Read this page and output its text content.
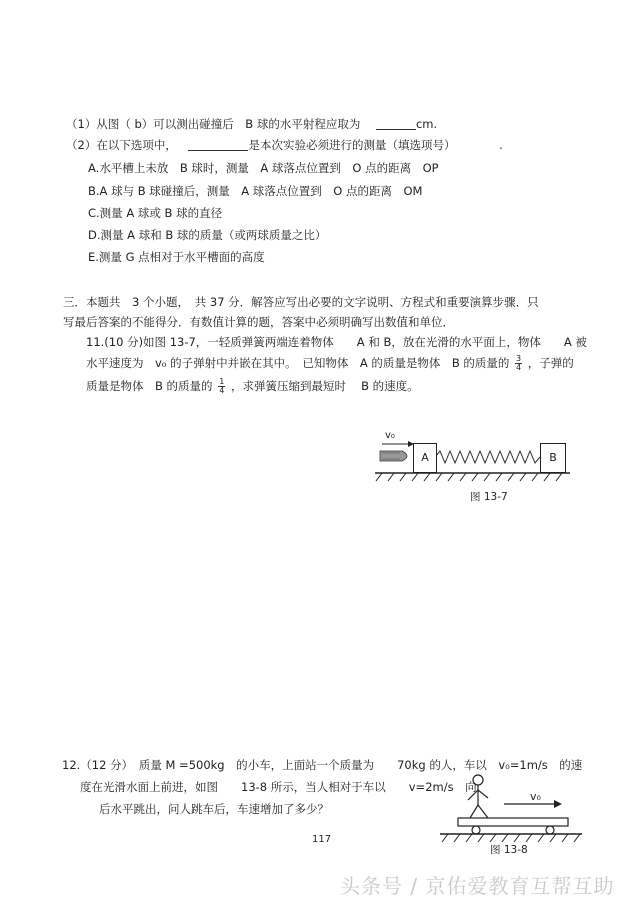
（1）从图（ b）可以测出碰撞后　B 球的水平射程应取为	cm.
（2）在以下选项中，	是本次实验必须进行的测量（填选项号）	.
A.水平槽上未放　B 球时，测量　A 球落点位置到　O 点的距离　OP
B.A 球与 B 球碰撞后，测量　A 球落点位置到　O 点的距离　OM
C.测量 A 球或 B 球的直径
D.测量 A 球和 B 球的质量（或两球质量之比）
E.测量 G 点相对于水平槽面的高度
三．本题共　3 个小题，　共 37 分．解答应写出必要的文字说明、方程式和重要演算步骤．只
写最后答案的不能得分．有数值计算的题，答案中必须明确写出数值和单位．
11.(10 分)如图 13-7，一轻质弹簧两端连着物体　　A 和 B，放在光滑的水平面上，物体　　A 被
水平速度为　v₀ 的子弹射中并嵌在其中。　已知物体　A 的质量是物体　B 的质量的 $\frac{3}{4}$ ，子弹的
质量是物体　B 的质量的 $\frac{1}{4}$ ，求弹簧压缩到最短时　 B 的速度。
v₀
A	B
图 13-7
12.（12 分）　质量 M =500kg　的小车，上面站一个质量为　　70kg 的人，车以　v₀=1m/s　的速
度在光滑水面上前进，如图　　13-8 所示，当人相对于车以　　v=2m/s　向
后水平跳出，问人跳车后，车速增加了多少？
v₀
图 13-8
117
头条号 / 京佑爱教育互帮互助
